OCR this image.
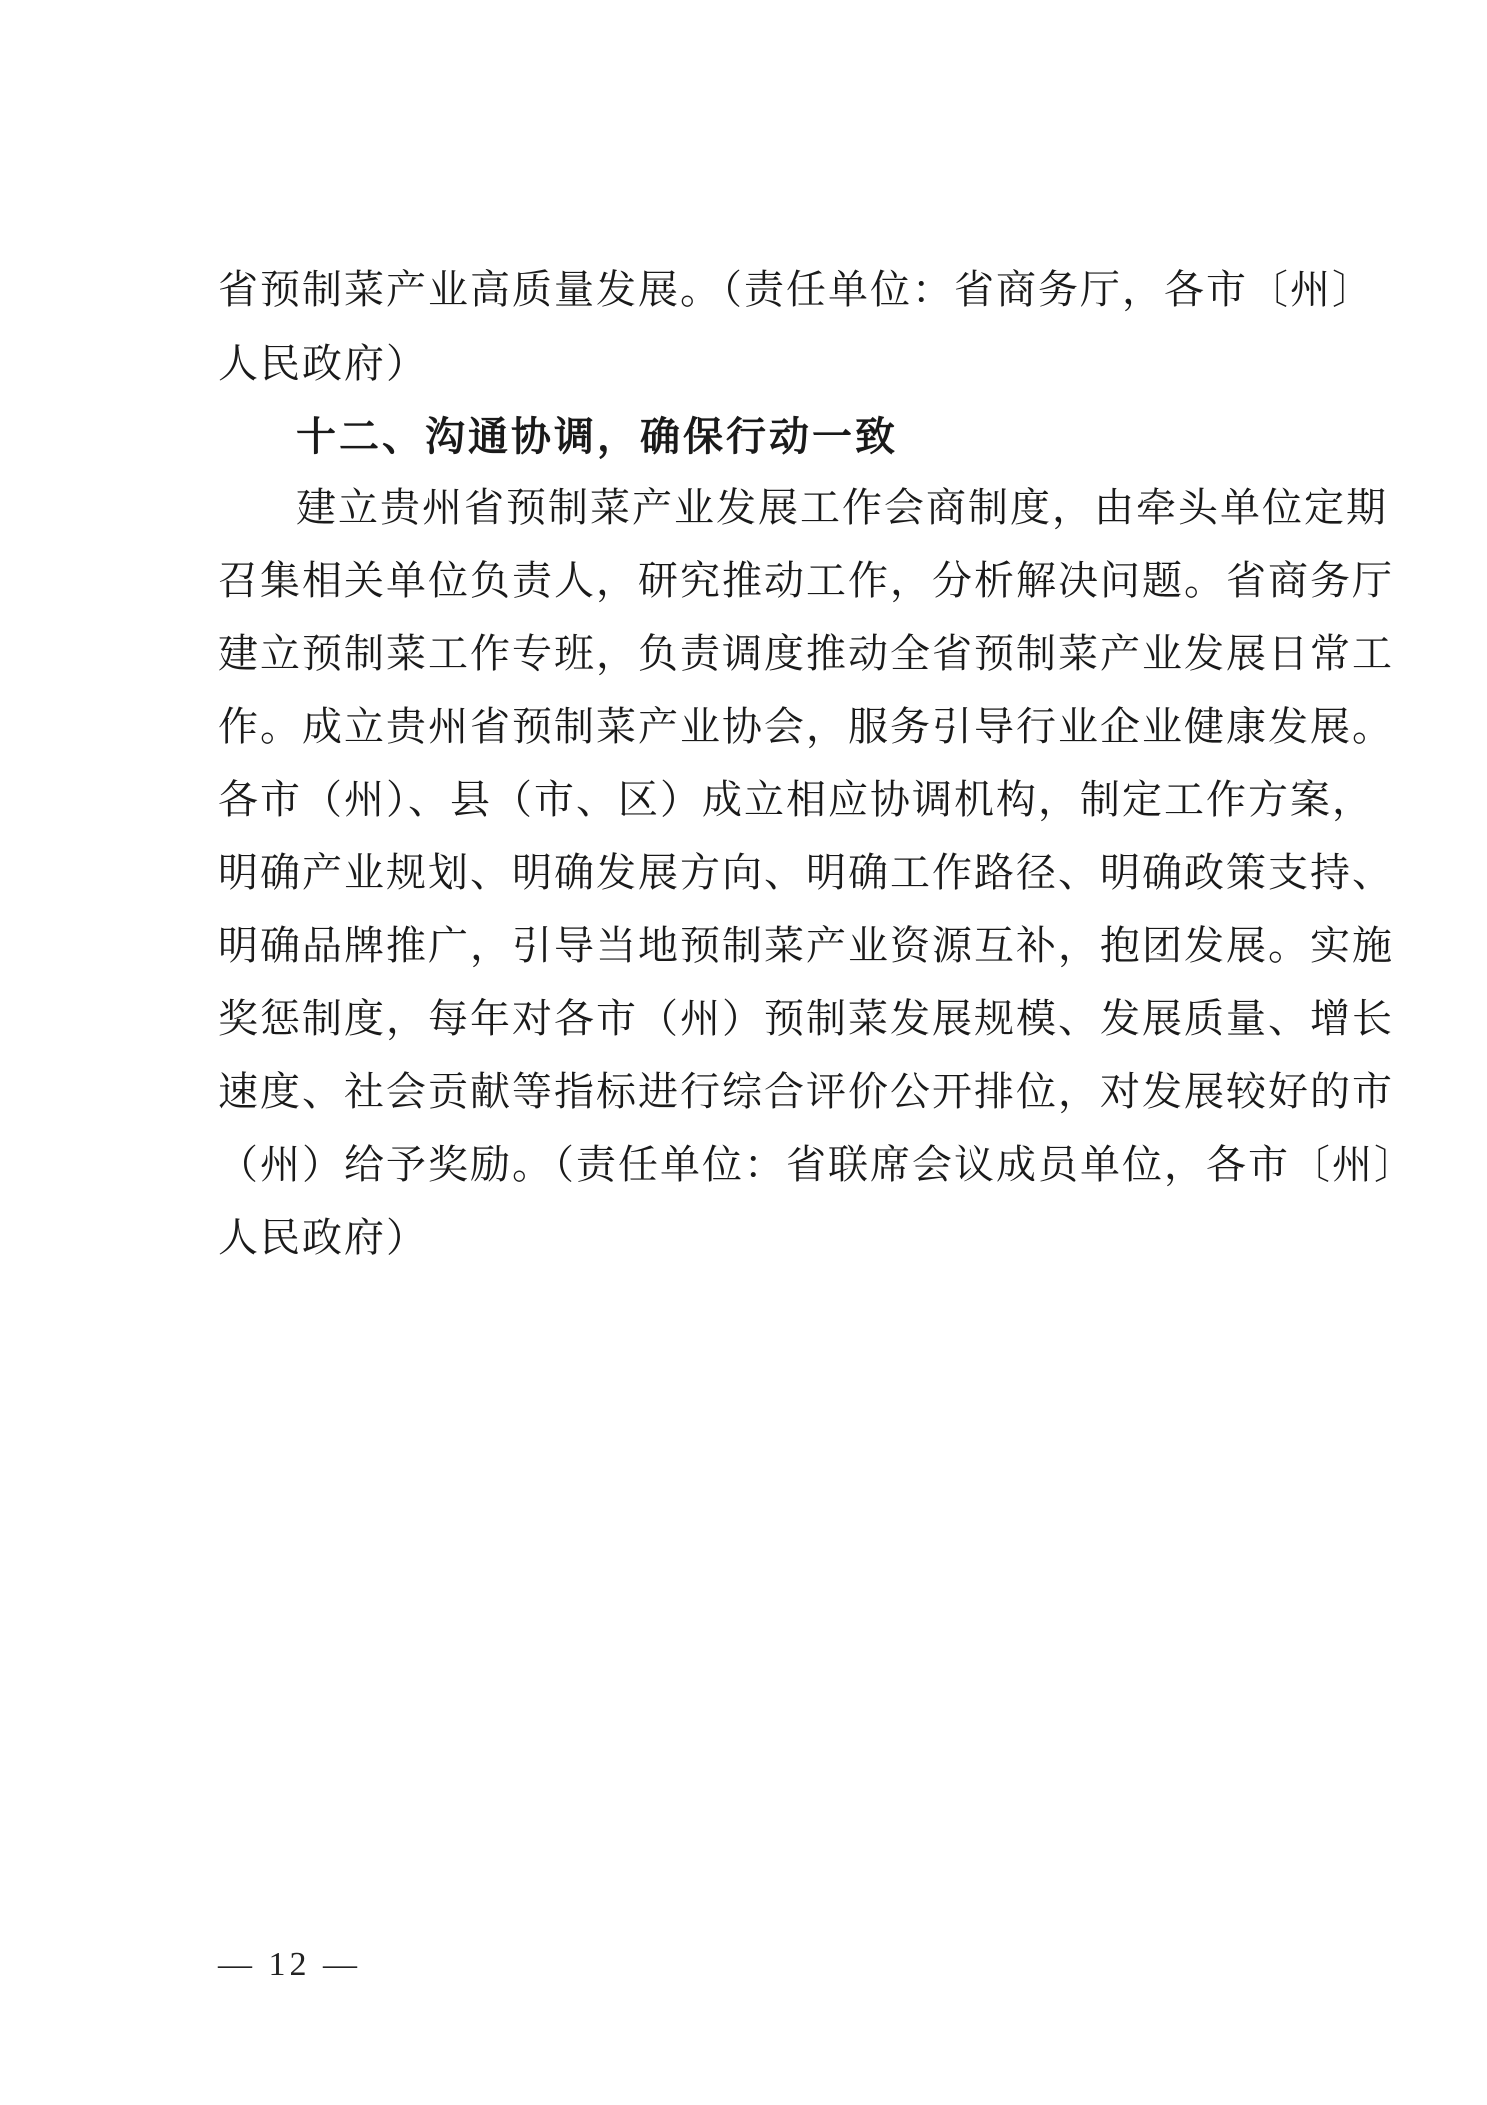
省预制菜产业高质量发展。（责任单位：省商务厅，各市〔州〕
人民政府）
十二、沟通协调，确保行动一致
建立贵州省预制菜产业发展工作会商制度，由牵头单位定期
召集相关单位负责人，研究推动工作，分析解决问题。省商务厅
建立预制菜工作专班，负责调度推动全省预制菜产业发展日常工
作。成立贵州省预制菜产业协会，服务引导行业企业健康发展。
各市（州）、县（市、区）成立相应协调机构，制定工作方案，
明确产业规划、明确发展方向、明确工作路径、明确政策支持、
明确品牌推广，引导当地预制菜产业资源互补，抱团发展。实施
奖惩制度，每年对各市（州）预制菜发展规模、发展质量、增长
速度、社会贡献等指标进行综合评价公开排位，对发展较好的市
（州）给予奖励。（责任单位：省联席会议成员单位，各市〔州〕
人民政府）
— 12 —
